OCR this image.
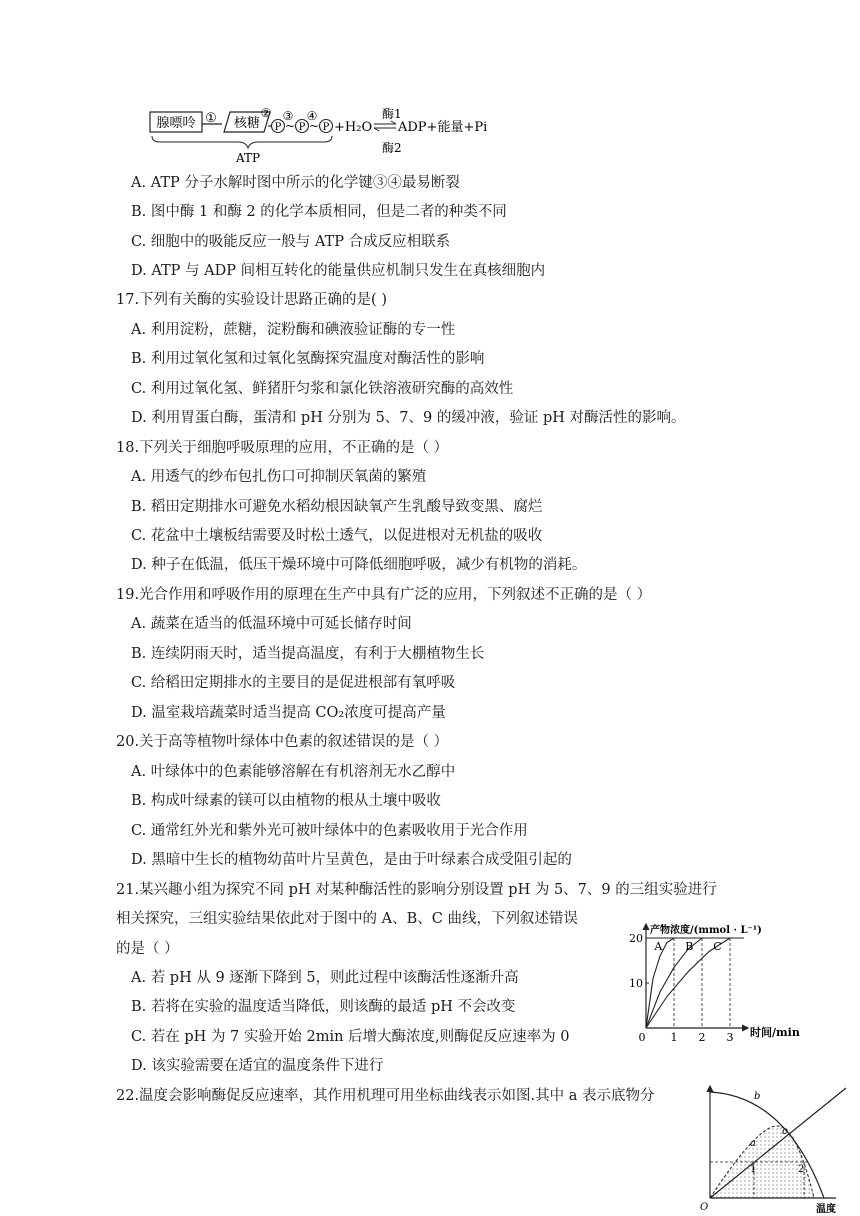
腺嘌呤 ① 核糖
② ③ ④
P ~ P ~ P +H₂O
酶1
ADP+能量+Pi
酶2
ATP
A. ATP 分子水解时图中所示的化学键③④最易断裂
B. 图中酶 1 和酶 2 的化学本质相同，但是二者的种类不同
C. 细胞中的吸能反应一般与 ATP 合成反应相联系
D. ATP 与 ADP 间相互转化的能量供应机制只发生在真核细胞内
17.下列有关酶的实验设计思路正确的是( )
A. 利用淀粉，蔗糖，淀粉酶和碘液验证酶的专一性
B. 利用过氧化氢和过氧化氢酶探究温度对酶活性的影响
C. 利用过氧化氢、鲜猪肝匀浆和氯化铁溶液研究酶的高效性
D. 利用胃蛋白酶，蛋清和 pH 分别为 5、7、9 的缓冲液，验证 pH 对酶活性的影响。
18.下列关于细胞呼吸原理的应用，不正确的是（ ）
A. 用透气的纱布包扎伤口可抑制厌氧菌的繁殖
B. 稻田定期排水可避免水稻幼根因缺氧产生乳酸导致变黑、腐烂
C. 花盆中土壤板结需要及时松土透气，以促进根对无机盐的吸收
D. 种子在低温，低压干燥环境中可降低细胞呼吸，减少有机物的消耗。
19.光合作用和呼吸作用的原理在生产中具有广泛的应用，下列叙述不正确的是（ ）
A. 蔬菜在适当的低温环境中可延长储存时间
B. 连续阴雨天时，适当提高温度，有利于大棚植物生长
C. 给稻田定期排水的主要目的是促进根部有氧呼吸
D. 温室栽培蔬菜时适当提高 CO₂浓度可提高产量
20.关于高等植物叶绿体中色素的叙述错误的是（ ）
A. 叶绿体中的色素能够溶解在有机溶剂无水乙醇中
B. 构成叶绿素的镁可以由植物的根从土壤中吸收
C. 通常红外光和紫外光可被叶绿体中的色素吸收用于光合作用
D. 黑暗中生长的植物幼苗叶片呈黄色，是由于叶绿素合成受阻引起的
21.某兴趣小组为探究不同 pH 对某种酶活性的影响分别设置 pH 为 5、7、9 的三组实验进行
相关探究，三组实验结果依此对于图中的 A、B、C 曲线，下列叙述错误
的是（ ）
A. 若 pH 从 9 逐渐下降到 5，则此过程中该酶活性逐渐升高
B. 若将在实验的温度适当降低，则该酶的最适 pH 不会改变
C. 若在 pH 为 7 实验开始 2min 后增大酶浓度,则酶促反应速率为 0
D. 该实验需要在适宜的温度条件下进行
22.温度会影响酶促反应速率，其作用机理可用坐标曲线表示如图.其中 a 表示底物分
产物浓度/(mmol · L⁻¹)
时间/min
0
10
20
1 2 3
A B C
b
a
c
1	2
O	温度
